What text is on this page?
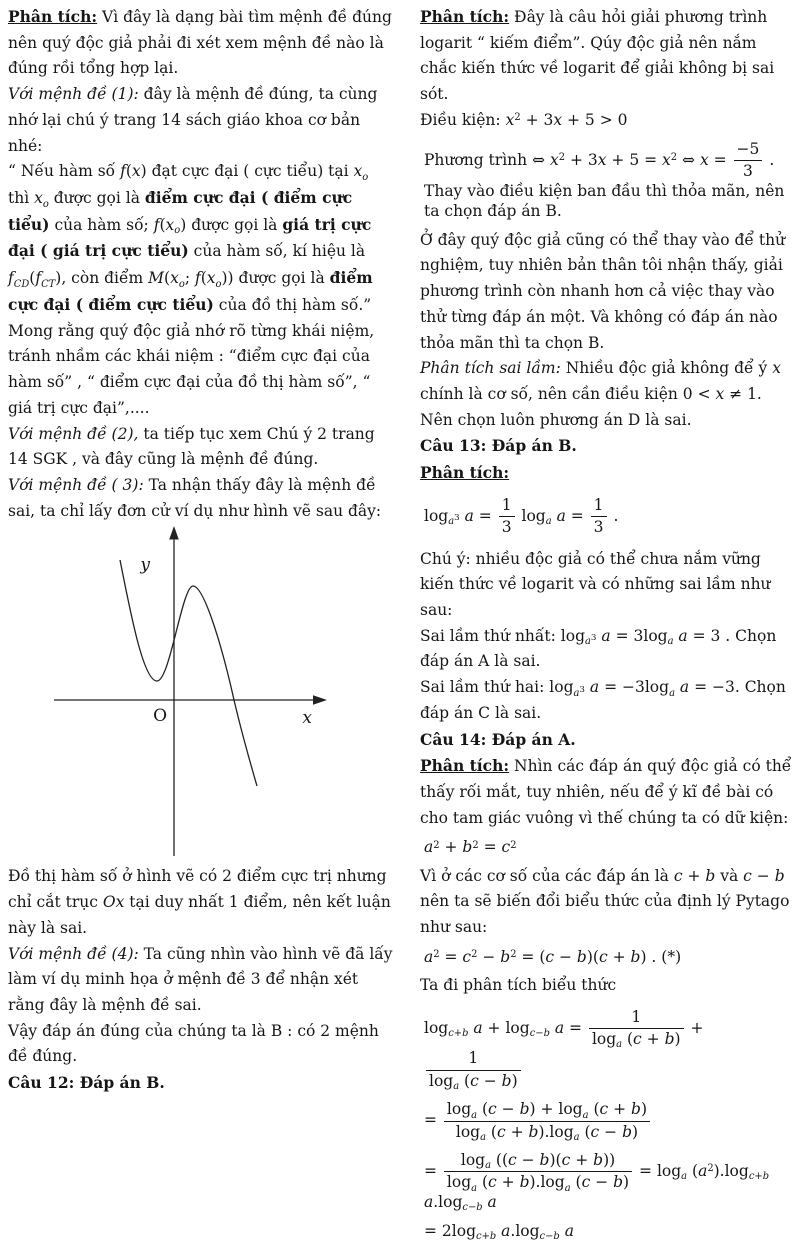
Phân tích: Vì đây là dạng bài tìm mệnh đề đúng nên quý độc giả phải đi xét xem mệnh đề nào là đúng rồi tổng hợp lại.

Với mệnh đề (1): đây là mệnh đề đúng, ta cùng nhớ lại chú ý trang 14 sách giáo khoa cơ bản nhé:

“ Nếu hàm số f(x) đạt cực đại ( cực tiểu) tại $x_o$ thì $x_o$ được gọi là điểm cực đại ( điểm cực tiểu) của hàm số; $f(x_o)$ được gọi là giá trị cực đại ( giá trị cực tiểu) của hàm số, kí hiệu là $f_{CD}(f_{CT})$, còn điểm $M(x_o$; $f(x_o)$) được gọi là điểm cực đại ( điểm cực tiểu) của đồ thị hàm số.” Mong rằng quý độc giả nhớ rõ từng khái niệm, tránh nhầm các khái niệm : “điểm cực đại của hàm số” , “ điểm cực đại của đồ thị hàm số”, “ giá trị cực đại”,....

Với mệnh đề (2), ta tiếp tục xem Chú ý 2 trang 14 SGK , và đây cũng là mệnh đề đúng.

Với mệnh đề ( 3): Ta nhận thấy đây là mệnh đề sai, ta chỉ lấy đơn cử ví dụ như hình vẽ sau đây:

y
x
O

Đồ thị hàm số ở hình vẽ có 2 điểm cực trị nhưng chỉ cắt trục Ox tại duy nhất 1 điểm, nên kết luận này là sai.

Với mệnh đề (4): Ta cũng nhìn vào hình vẽ đã lấy làm ví dụ minh họa ở mệnh đề 3 để nhận xét rằng đây là mệnh đề sai.

Vậy đáp án đúng của chúng ta là B : có 2 mệnh đề đúng.

Câu 12: Đáp án B.

Phân tích: Đây là câu hỏi giải phương trình logarit “ kiếm điểm”. Qúy độc giả nên nắm chắc kiến thức về logarit để giải không bị sai sót.

Điều kiện: $x^2 + 3x + 5 > 0$

Phương trình ⇔ $x^2 + 3x + 5 = x^2$ ⇔ $x = \frac{-5}{3}$ . Thay vào điều kiện ban đầu thì thỏa mãn, nên ta chọn đáp án B.

Ở đây quý độc giả cũng có thể thay vào để thử nghiệm, tuy nhiên bản thân tôi nhận thấy, giải phương trình còn nhanh hơn cả việc thay vào thử từng đáp án một. Và không có đáp án nào thỏa mãn thì ta chọn B.

Phân tích sai lầm: Nhiều độc giả không để ý x chính là cơ số, nên cần điều kiện 0 < x ≠ 1. Nên chọn luôn phương án D là sai.

Câu 13: Đáp án B.

Phân tích:

$\log_{a^3} a = \frac{1}{3} \log_a a = \frac{1}{3}$ .

Chú ý: nhiều độc giả có thể chưa nắm vững kiến thức về logarit và có những sai lầm như sau:

Sai lầm thứ nhất: $\log_{a^3} a = 3\log_a$ a = 3 . Chọn đáp án A là sai.

Sai lầm thứ hai: $\log_{a^3} a = -3\log_a$ a = −3. Chọn đáp án C là sai.

Câu 14: Đáp án A.

Phân tích: Nhìn các đáp án quý độc giả có thể thấy rối mắt, tuy nhiên, nếu để ý kĩ đề bài có cho tam giác vuông vì thế chúng ta có dữ kiện:

$a^2 + b^2 = c^2$

Vì ở các cơ số của các đáp án là c + b và c − b nên ta sẽ biến đổi biểu thức của định lý Pytago như sau:

$a^2 = c^2 - b^2 = (c - b)(c + b)$ . (*)

Ta đi phân tích biểu thức

$\log_{c+b} a + \log_{c-b} a = \frac{1}{\log_a (c + b)}$ +
$\frac{1}{\log_a (c - b)}$

= $\frac{\log_a (c - b) + \log_a (c + b)}{\log_a (c + b).\log_a (c - b)}$

= $\frac{\log_a ((c - b)(c + b))}{\log_a (c + b).\log_a (c - b)} = \log_a (a^2).\log_{c+b}$ $a.\log_{c-b}$ a

= $2\log_{c+b}$ $a.\log_{c-b}$ a
